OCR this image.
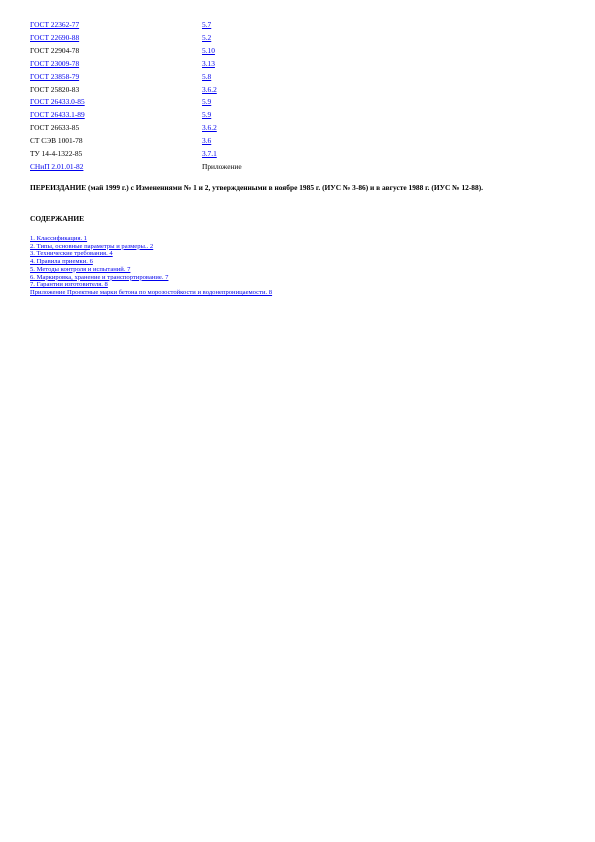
ГОСТ 22362-77	5.7
ГОСТ 22690-88	5.2
ГОСТ 22904-78	5.10
ГОСТ 23009-78	3.13
ГОСТ 23858-79	5.8
ГОСТ 25820-83	3.6.2
ГОСТ 26433.0-85	5.9
ГОСТ 26433.1-89	5.9
ГОСТ 26633-85	3.6.2
СТ СЭВ 1001-78	3.6
ТУ 14-4-1322-85	3.7.1
СНиП 2.01.01-82	Приложение

ПЕРЕИЗДАНИЕ (май 1999 г.) с Изменениями № 1 и 2, утвержденными в ноябре 1985 г. (ИУС № 3-86) и в августе 1988 г. (ИУС № 12-88).

СОДЕРЖАНИЕ

1. Классификация. 1
2. Типы, основные параметры и размеры.. 2
3. Технические требования. 4
4. Правила приемки. 6
5. Методы контроля и испытаний. 7
6. Маркировка, хранение и транспортирование. 7
7. Гарантии изготовителя. 8
Приложение Проектные марки бетона по морозостойкости и водонепроницаемости. 8
